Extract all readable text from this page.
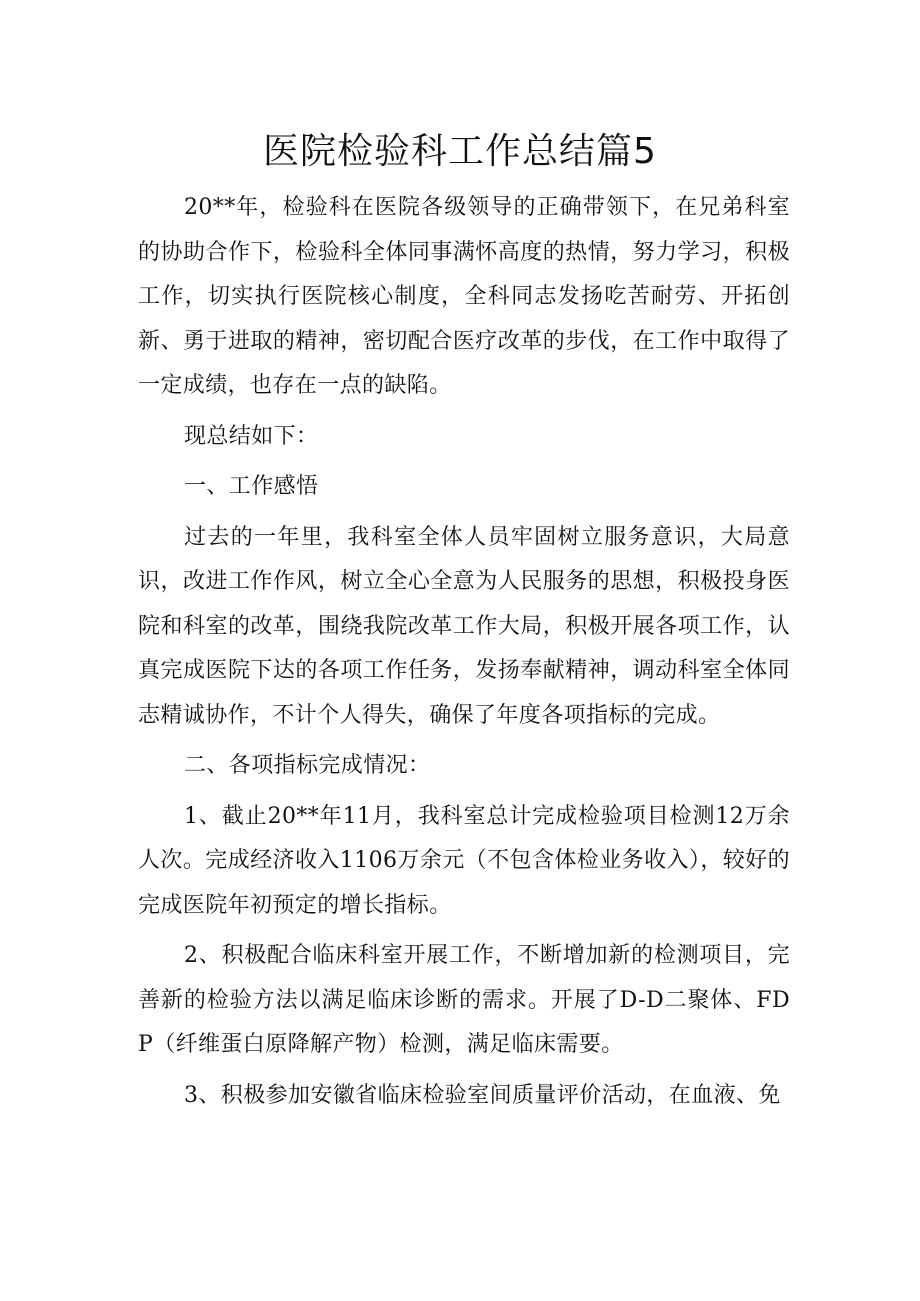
医院检验科工作总结篇5

20**年，检验科在医院各级领导的正确带领下，在兄弟科室的协助合作下，检验科全体同事满怀高度的热情，努力学习，积极工作，切实执行医院核心制度，全科同志发扬吃苦耐劳、开拓创新、勇于进取的精神，密切配合医疗改革的步伐，在工作中取得了一定成绩，也存在一点的缺陷。

现总结如下：

一、工作感悟

过去的一年里，我科室全体人员牢固树立服务意识，大局意识，改进工作作风，树立全心全意为人民服务的思想，积极投身医院和科室的改革，围绕我院改革工作大局，积极开展各项工作，认真完成医院下达的各项工作任务，发扬奉献精神，调动科室全体同志精诚协作，不计个人得失，确保了年度各项指标的完成。

二、各项指标完成情况：

1、截止20**年11月，我科室总计完成检验项目检测12万余人次。完成经济收入1106万余元（不包含体检业务收入），较好的完成医院年初预定的增长指标。

2、积极配合临床科室开展工作，不断增加新的检测项目，完善新的检验方法以满足临床诊断的需求。开展了D-D二聚体、FDP（纤维蛋白原降解产物）检测，满足临床需要。

3、积极参加安徽省临床检验室间质量评价活动，在血液、免
